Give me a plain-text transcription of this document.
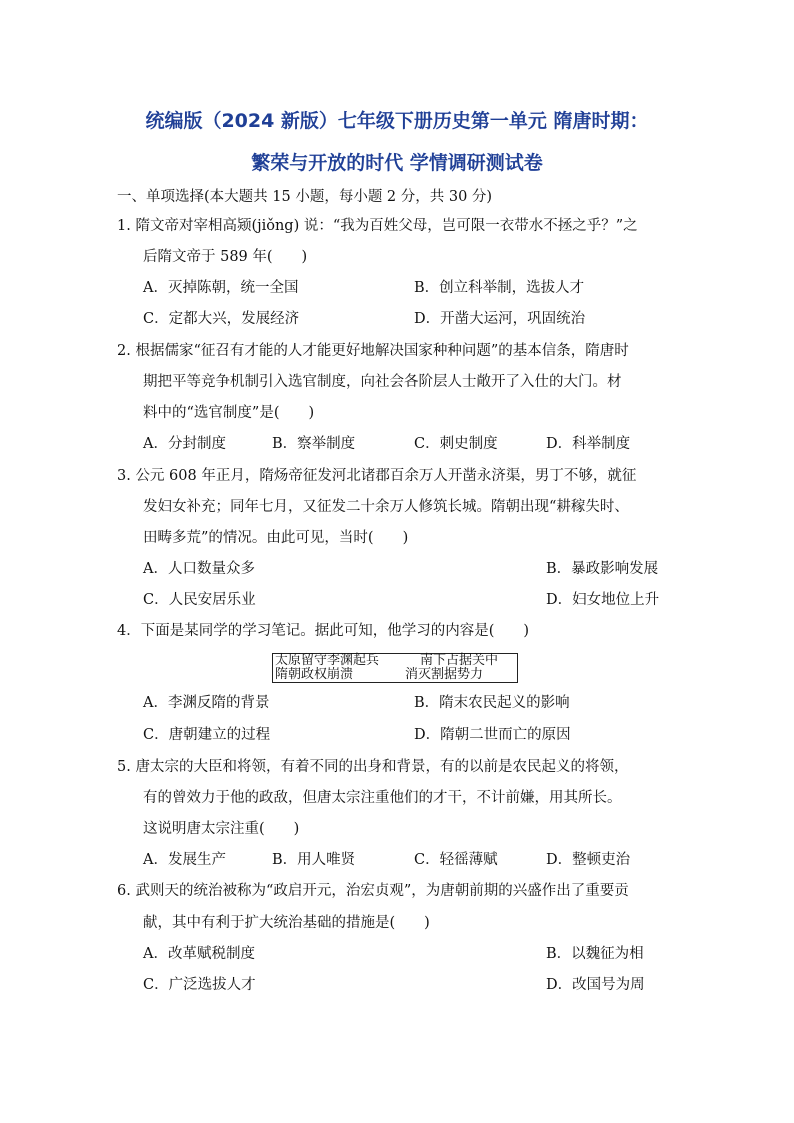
统编版（2024 新版）七年级下册历史第一单元 隋唐时期：
繁荣与开放的时代 学情调研测试卷
一、单项选择(本大题共 15 小题，每小题 2 分，共 30 分)
1. 隋文帝对宰相高颎(jiǒng) 说：“我为百姓父母，岂可限一衣带水不拯之乎？”之
后隋文帝于 589 年(　　)
A．灭掉陈朝，统一全国	B．创立科举制，选拔人才
C．定都大兴，发展经济	D．开凿大运河，巩固统治
2. 根据儒家“征召有才能的人才能更好地解决国家种种问题”的基本信条，隋唐时
期把平等竞争机制引入选官制度，向社会各阶层人士敞开了入仕的大门。材
料中的“选官制度”是(　　)
A．分封制度	B．察举制度	C．刺史制度	D．科举制度
3. 公元 608 年正月，隋炀帝征发河北诸郡百余万人开凿永济渠，男丁不够，就征
发妇女补充；同年七月，又征发二十余万人修筑长城。隋朝出现“耕稼失时、
田畴多荒”的情况。由此可见，当时(　　)
A．人口数量众多	B．暴政影响发展
C．人民安居乐业	D．妇女地位上升
4．下面是某同学的学习笔记。据此可知，他学习的内容是(　　)
太原留守李渊起兵	南下占据关中
隋朝政权崩溃	消灭割据势力
A．李渊反隋的背景	B．隋末农民起义的影响
C．唐朝建立的过程	D．隋朝二世而亡的原因
5. 唐太宗的大臣和将领，有着不同的出身和背景，有的以前是农民起义的将领，
有的曾效力于他的政敌，但唐太宗注重他们的才干，不计前嫌，用其所长。
这说明唐太宗注重(　　)
A．发展生产	B．用人唯贤	C．轻徭薄赋	D．整顿吏治
6. 武则天的统治被称为“政启开元，治宏贞观”，为唐朝前期的兴盛作出了重要贡
献，其中有利于扩大统治基础的措施是(　　)
A．改革赋税制度	B．以魏征为相
C．广泛选拔人才	D．改国号为周
